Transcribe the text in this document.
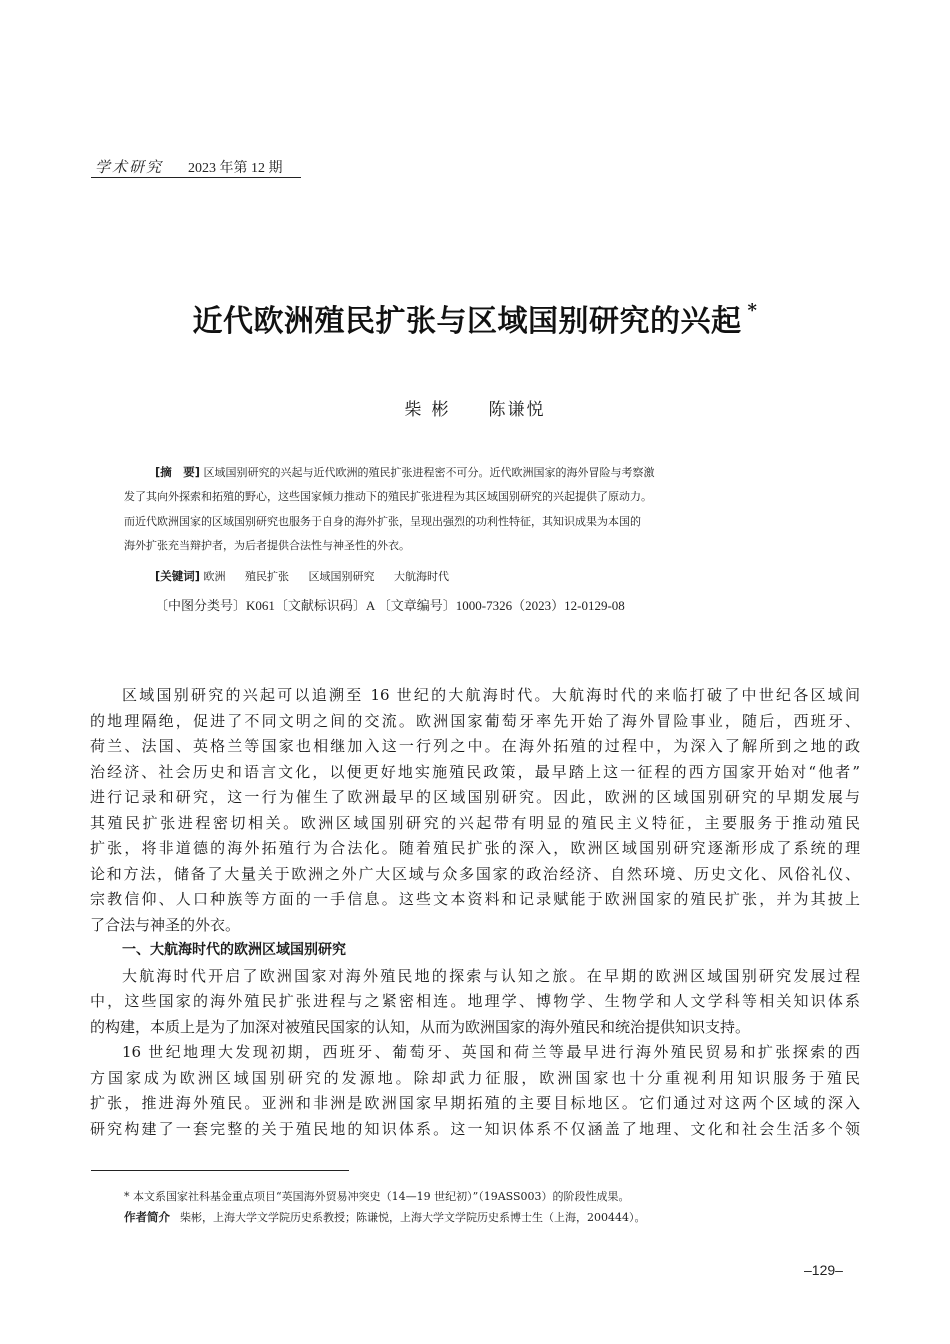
学术研究 2023 年第 12 期
近代欧洲殖民扩张与区域国别研究的兴起 *
柴彬 陈谦悦
[摘　要] 区域国别研究的兴起与近代欧洲的殖民扩张进程密不可分。近代欧洲国家的海外冒险与考察激
发了其向外探索和拓殖的野心，这些国家倾力推动下的殖民扩张进程为其区域国别研究的兴起提供了原动力。
而近代欧洲国家的区域国别研究也服务于自身的海外扩张，呈现出强烈的功利性特征，其知识成果为本国的
海外扩张充当辩护者，为后者提供合法性与神圣性的外衣。
[关键词] 欧洲 殖民扩张 区域国别研究 大航海时代
〔中图分类号〕K061〔文献标识码〕A 〔文章编号〕1000-7326（2023）12-0129-08
区域国别研究的兴起可以追溯至 16 世纪的大航海时代。大航海时代的来临打破了中世纪各区域间
的地理隔绝，促进了不同文明之间的交流。欧洲国家葡萄牙率先开始了海外冒险事业，随后，西班牙、
荷兰、法国、英格兰等国家也相继加入这一行列之中。在海外拓殖的过程中，为深入了解所到之地的政
治经济、社会历史和语言文化，以便更好地实施殖民政策，最早踏上这一征程的西方国家开始对“他者”
进行记录和研究，这一行为催生了欧洲最早的区域国别研究。因此，欧洲的区域国别研究的早期发展与
其殖民扩张进程密切相关。欧洲区域国别研究的兴起带有明显的殖民主义特征，主要服务于推动殖民
扩张，将非道德的海外拓殖行为合法化。随着殖民扩张的深入，欧洲区域国别研究逐渐形成了系统的理
论和方法，储备了大量关于欧洲之外广大区域与众多国家的政治经济、自然环境、历史文化、风俗礼仪、
宗教信仰、人口种族等方面的一手信息。这些文本资料和记录赋能于欧洲国家的殖民扩张，并为其披上
了合法与神圣的外衣。
一、大航海时代的欧洲区域国别研究
大航海时代开启了欧洲国家对海外殖民地的探索与认知之旅。在早期的欧洲区域国别研究发展过程
中，这些国家的海外殖民扩张进程与之紧密相连。地理学、博物学、生物学和人文学科等相关知识体系
的构建，本质上是为了加深对被殖民国家的认知，从而为欧洲国家的海外殖民和统治提供知识支持。
16 世纪地理大发现初期，西班牙、葡萄牙、英国和荷兰等最早进行海外殖民贸易和扩张探索的西
方国家成为欧洲区域国别研究的发源地。除却武力征服，欧洲国家也十分重视利用知识服务于殖民
扩张，推进海外殖民。亚洲和非洲是欧洲国家早期拓殖的主要目标地区。它们通过对这两个区域的深入
研究构建了一套完整的关于殖民地的知识体系。这一知识体系不仅涵盖了地理、文化和社会生活多个领
* 本文系国家社科基金重点项目“英国海外贸易冲突史（14—19 世纪初）”（19ASS003）的阶段性成果。
作者简介 柴彬，上海大学文学院历史系教授；陈谦悦，上海大学文学院历史系博士生（上海，200444）。
–129–
